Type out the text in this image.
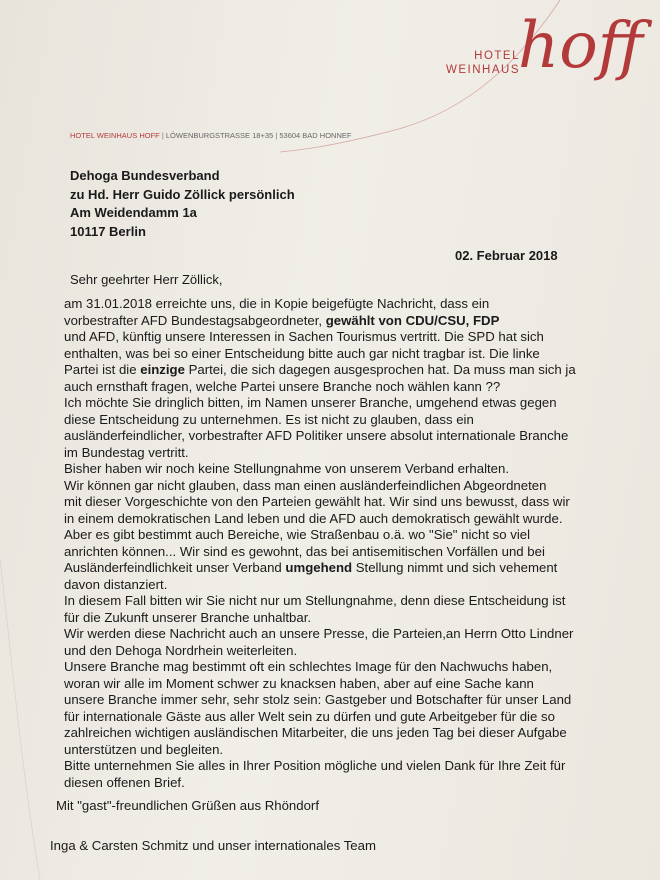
HOTEL
WEINHAUS
hoff
HOTEL WEINHAUS HOFF | LÖWENBURGSTRASSE 18+35 | 53604 BAD HONNEF
Dehoga Bundesverband
zu Hd. Herr Guido Zöllick persönlich
Am Weidendamm 1a
10117 Berlin
02. Februar 2018
Sehr geehrter Herr Zöllick,
am 31.01.2018 erreichte uns, die in Kopie beigefügte Nachricht, dass ein
vorbestrafter AFD Bundestagsabgeordneter, gewählt von CDU/CSU, FDP
und AFD, künftig unsere Interessen in Sachen Tourismus vertritt. Die SPD hat sich
enthalten, was bei so einer Entscheidung bitte auch gar nicht tragbar ist. Die linke
Partei ist die einzige Partei, die sich dagegen ausgesprochen hat. Da muss man sich ja
auch ernsthaft fragen, welche Partei unsere Branche noch wählen kann ??
Ich möchte Sie dringlich bitten, im Namen unserer Branche, umgehend etwas gegen
diese Entscheidung zu unternehmen. Es ist nicht zu glauben, dass ein
ausländerfeindlicher, vorbestrafter AFD Politiker unsere absolut internationale Branche
im Bundestag vertritt.
Bisher haben wir noch keine Stellungnahme von unserem Verband erhalten.
Wir können gar nicht glauben, dass man einen ausländerfeindlichen Abgeordneten
mit dieser Vorgeschichte von den Parteien gewählt hat. Wir sind uns bewusst, dass wir
in einem demokratischen Land leben und die AFD auch demokratisch gewählt wurde.
Aber es gibt bestimmt auch Bereiche, wie Straßenbau o.ä. wo "Sie" nicht so viel
anrichten können... Wir sind es gewohnt, das bei antisemitischen Vorfällen und bei
Ausländerfeindlichkeit unser Verband umgehend Stellung nimmt und sich vehement
davon distanziert.
In diesem Fall bitten wir Sie nicht nur um Stellungnahme, denn diese Entscheidung ist
für die Zukunft unserer Branche unhaltbar.
Wir werden diese Nachricht auch an unsere Presse, die Parteien,an Herrn Otto Lindner
und den Dehoga Nordrhein weiterleiten.
Unsere Branche mag bestimmt oft ein schlechtes Image für den Nachwuchs haben,
woran wir alle im Moment schwer zu knacksen haben, aber auf eine Sache kann
unsere Branche immer sehr, sehr stolz sein: Gastgeber und Botschafter für unser Land
für internationale Gäste aus aller Welt sein zu dürfen und gute Arbeitgeber für die so
zahlreichen wichtigen ausländischen Mitarbeiter, die uns jeden Tag bei dieser Aufgabe
unterstützen und begleiten.
Bitte unternehmen Sie alles in Ihrer Position mögliche und vielen Dank für Ihre Zeit für
diesen offenen Brief.
Mit "gast"-freundlichen Grüßen aus Rhöndorf
Inga & Carsten Schmitz und unser internationales Team
